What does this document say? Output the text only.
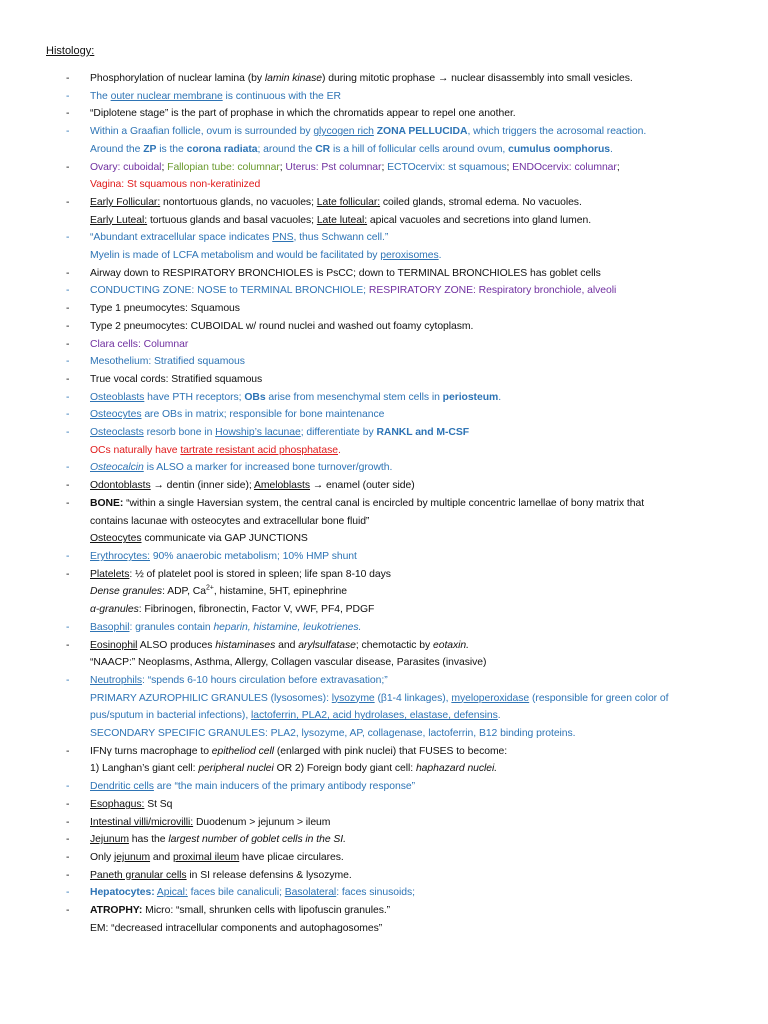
Histology:
- Phosphorylation of nuclear lamina (by lamin kinase) during mitotic prophase → nuclear disassembly into small vesicles.
- The outer nuclear membrane is continuous with the ER
- “Diplotene stage” is the part of prophase in which the chromatids appear to repel one another.
- Within a Graafian follicle, ovum is surrounded by glycogen rich ZONA PELLUCIDA, which triggers the acrosomal reaction.
Around the ZP is the corona radiata; around the CR is a hill of follicular cells around ovum, cumulus oomphorus.
- Ovary: cuboidal; Fallopian tube: columnar; Uterus: Pst columnar; ECTOcervix: st squamous; ENDOcervix: columnar;
Vagina: St squamous non-keratinized
- Early Follicular: nontortuous glands, no vacuoles; Late follicular: coiled glands, stromal edema. No vacuoles.
Early Luteal: tortuous glands and basal vacuoles; Late luteal: apical vacuoles and secretions into gland lumen.
- “Abundant extracellular space indicates PNS, thus Schwann cell.”
Myelin is made of LCFA metabolism and would be facilitated by peroxisomes.
- Airway down to RESPIRATORY BRONCHIOLES is PsCC; down to TERMINAL BRONCHIOLES has goblet cells
- CONDUCTING ZONE: NOSE to TERMINAL BRONCHIOLE; RESPIRATORY ZONE: Respiratory bronchiole, alveoli
- Type 1 pneumocytes: Squamous
- Type 2 pneumocytes: CUBOIDAL w/ round nuclei and washed out foamy cytoplasm.
- Clara cells: Columnar
- Mesothelium: Stratified squamous
- True vocal cords: Stratified squamous
- Osteoblasts have PTH receptors; OBs arise from mesenchymal stem cells in periosteum.
- Osteocytes are OBs in matrix; responsible for bone maintenance
- Osteoclasts resorb bone in Howship’s lacunae; differentiate by RANKL and M-CSF
OCs naturally have tartrate resistant acid phosphatase.
- Osteocalcin is ALSO a marker for increased bone turnover/growth.
- Odontoblasts → dentin (inner side); Ameloblasts → enamel (outer side)
- BONE: “within a single Haversian system, the central canal is encircled by multiple concentric lamellae of bony matrix that
contains lacunae with osteocytes and extracellular bone fluid”
Osteocytes communicate via GAP JUNCTIONS
- Erythrocytes: 90% anaerobic metabolism; 10% HMP shunt
- Platelets: ½ of platelet pool is stored in spleen; life span 8-10 days
Dense granules: ADP, $Ca^{2+}$, histamine, 5HT, epinephrine
α-granules: Fibrinogen, fibronectin, Factor V, vWF, PF4, PDGF
- Basophil: granules contain heparin, histamine, leukotrienes.
- Eosinophil ALSO produces histaminases and arylsulfatase; chemotactic by eotaxin.
“NAACP:” Neoplasms, Asthma, Allergy, Collagen vascular disease, Parasites (invasive)
- Neutrophils: “spends 6-10 hours circulation before extravasation;”
PRIMARY AZUROPHILIC GRANULES (lysosomes): lysozyme (β1-4 linkages), myeloperoxidase (responsible for green color of
pus/sputum in bacterial infections), lactoferrin, PLA2, acid hydrolases, elastase, defensins.
SECONDARY SPECIFIC GRANULES: PLA2, lysozyme, AP, collagenase, lactoferrin, B12 binding proteins.
- IFNγ turns macrophage to epitheliod cell (enlarged with pink nuclei) that FUSES to become:
1) Langhan’s giant cell: peripheral nuclei OR 2) Foreign body giant cell: haphazard nuclei.
- Dendritic cells are “the main inducers of the primary antibody response”
- Esophagus: St Sq
- Intestinal villi/microvilli: Duodenum > jejunum > ileum
- Jejunum has the largest number of goblet cells in the SI.
- Only jejunum and proximal ileum have plicae circulares.
- Paneth granular cells in SI release defensins & lysozyme.
- Hepatocytes: Apical: faces bile canaliculi; Basolateral: faces sinusoids;
- ATROPHY: Micro: “small, shrunken cells with lipofuscin granules.”
EM: “decreased intracellular components and autophagosomes”
